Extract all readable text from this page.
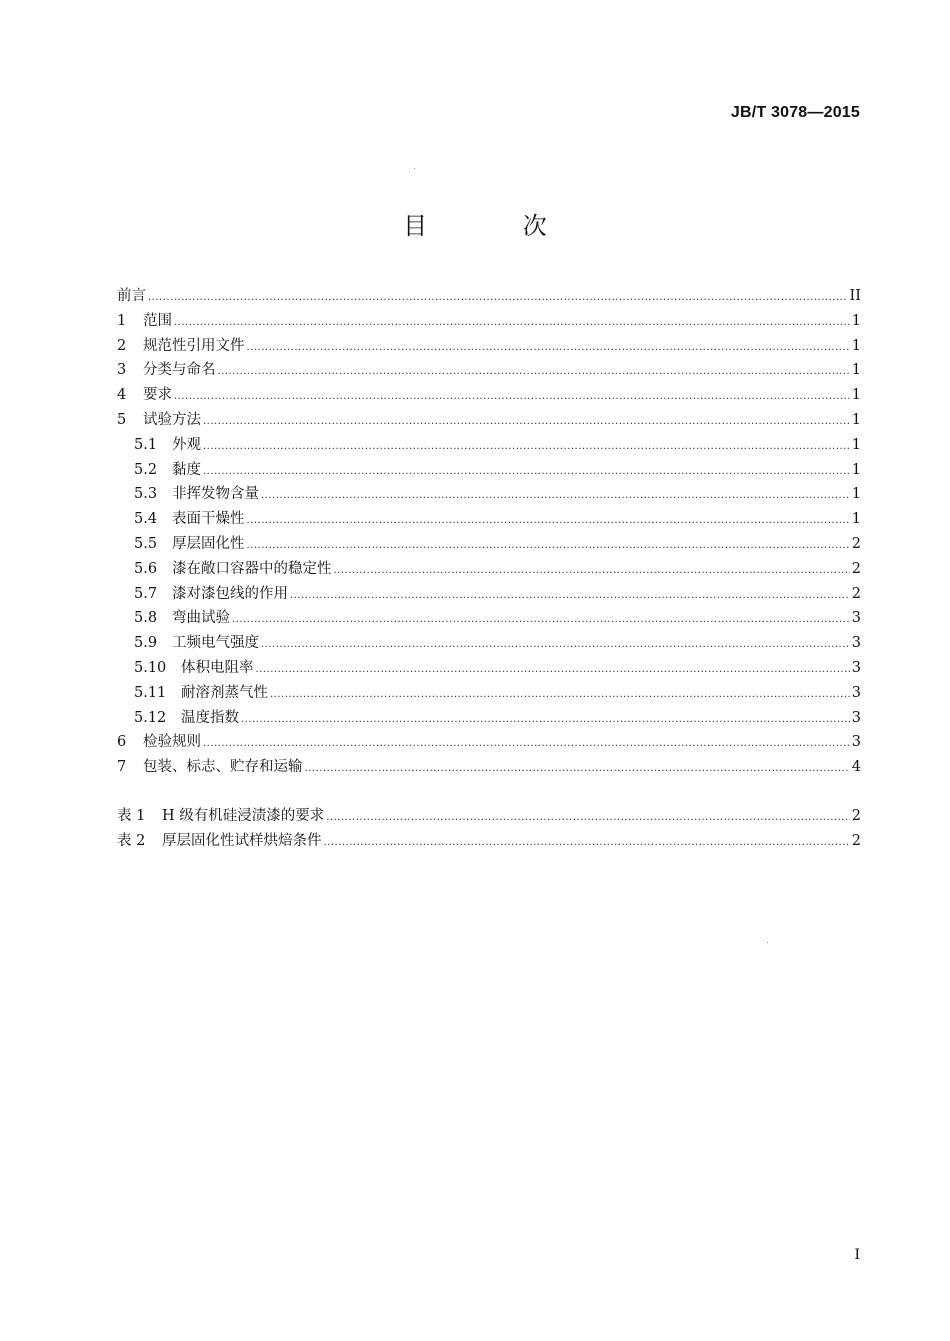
JB/T 3078—2015
目 次
前言 .....	II
1	范围 .....	1
2	规范性引用文件 .....	1
3	分类与命名 .....	1
4	要求 .....	1
5	试验方法 .....	1
5.1	外观 .....	1
5.2	黏度 .....	1
5.3	非挥发物含量 .....	1
5.4	表面干燥性 .....	1
5.5	厚层固化性 .....	2
5.6	漆在敞口容器中的稳定性 .....	2
5.7	漆对漆包线的作用 .....	2
5.8	弯曲试验 .....	3
5.9	工频电气强度 .....	3
5.10	体积电阻率 .....	3
5.11	耐溶剂蒸气性 .....	3
5.12	温度指数 .....	3
6	检验规则 .....	3
7	包装、标志、贮存和运输 .....	4
表 1	H 级有机硅浸渍漆的要求 .....	2
表 2	厚层固化性试样烘焙条件 .....	2
I
